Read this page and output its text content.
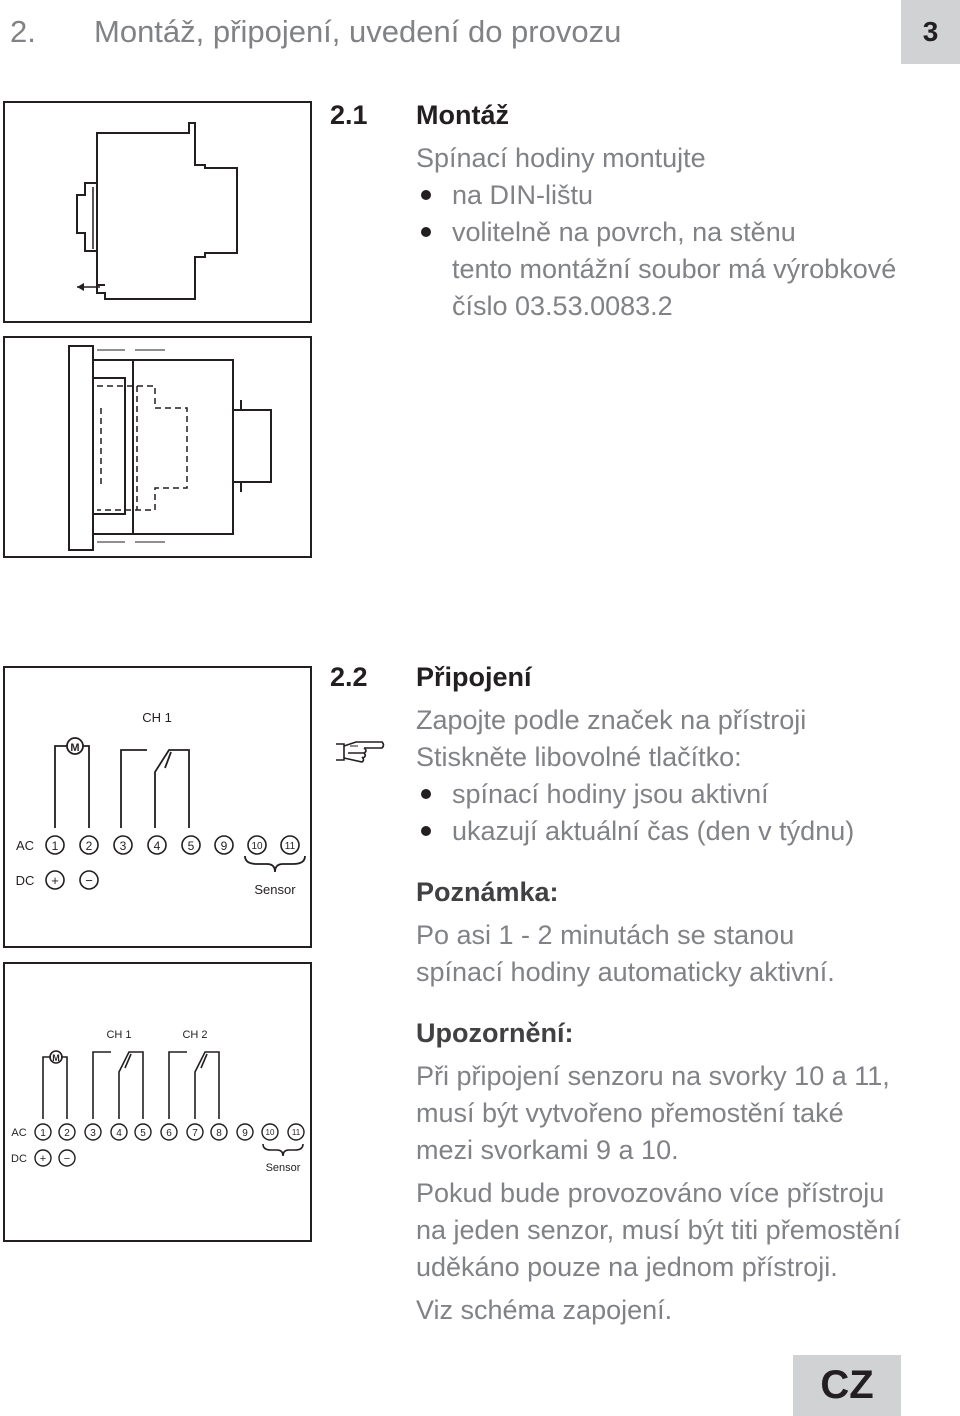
2. Montáž, připojení, uvedení do provozu	3
2.1 Montáž
Spínací hodiny montujte
na DIN-lištu
volitelně na povrch, na stěnu
tento montážní soubor má výrobkové
číslo 03.53.0083.2
CH 1
M
AC
DC
1 2 3 4 5 9 10 11
+ −
Sensor
CH 1	CH 2
M
AC
DC
1 2 3 4 5 6 7 8 9 10 11
+ −
Sensor
2.2 Připojení
Zapojte podle značek na přístroji
Stiskněte libovolné tlačítko:
spínací hodiny jsou aktivní
ukazují aktuální čas (den v týdnu)
Poznámka:
Po asi 1 - 2 minutách se stanou
spínací hodiny automaticky aktivní.
Upozornění:
Při připojení senzoru na svorky 10 a 11,
musí být vytvořeno přemostění také
mezi svorkami 9 a 10.
Pokud bude provozováno více přístroju
na jeden senzor, musí být titi přemostění
uděkáno pouze na jednom přístroji.
Viz schéma zapojení.
CZ
